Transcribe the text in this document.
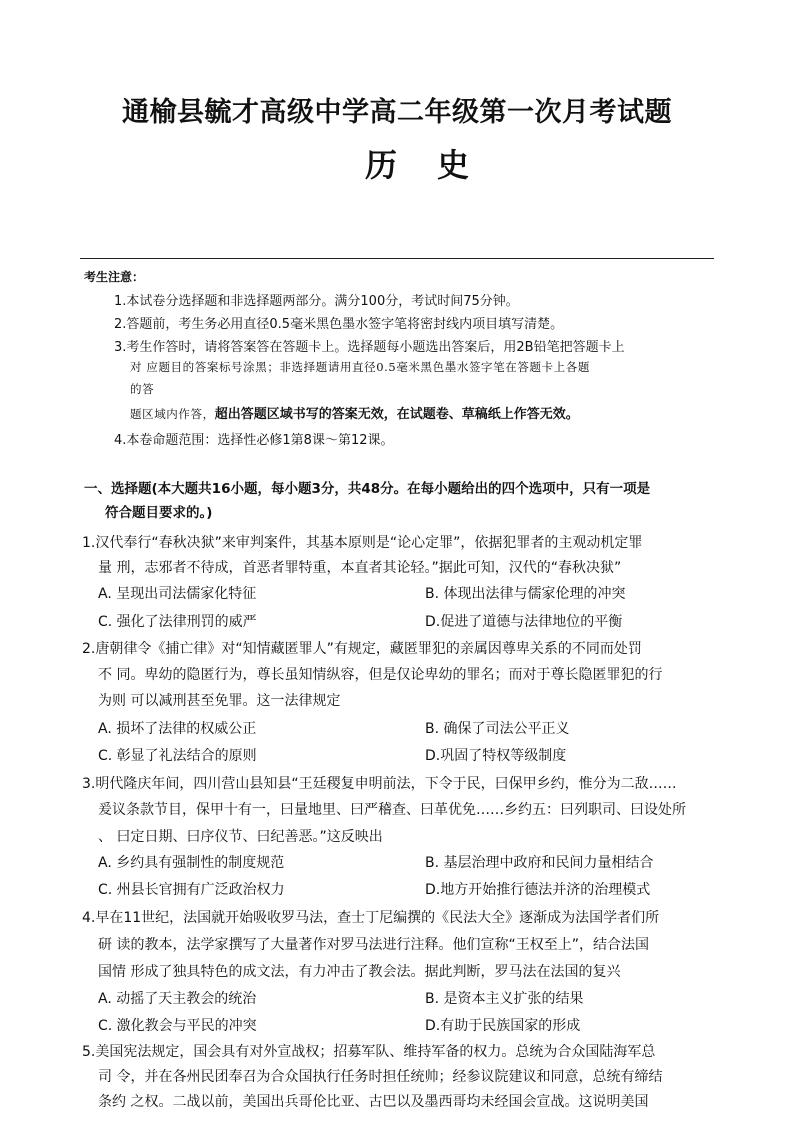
通榆县毓才高级中学高二年级第一次月考试题
历史
考生注意：
1.本试卷分选择题和非选择题两部分。满分100分，考试时间75分钟。
2.答题前，考生务必用直径0.5毫米黑色墨水签字笔将密封线内项目填写清楚。
3.考生作答时，请将答案答在答题卡上。选择题每小题选出答案后，用2B铅笔把答题卡上
对 应题目的答案标号涂黑；非选择题请用直径0.5毫米黑色墨水签字笔在答题卡上各题
的答
题区域内作答，超出答题区域书写的答案无效，在试题卷、草稿纸上作答无效。
4.本卷命题范围：选择性必修1第8课～第12课。
一、选择题(本大题共16小题，每小题3分，共48分。在每小题给出的四个选项中，只有一项是
符合题目要求的。)
1.汉代奉行“春秋决狱”来审判案件，其基本原则是“论心定罪”，依据犯罪者的主观动机定罪
量 刑，志邪者不待成，首恶者罪特重，本直者其论轻。”据此可知，汉代的“春秋决狱”
A. 呈现出司法儒家化特征	B. 体现出法律与儒家伦理的冲突
C. 强化了法律刑罚的威严	D.促进了道德与法律地位的平衡
2.唐朝律令《捕亡律》对“知情藏匿罪人”有规定，藏匿罪犯的亲属因尊卑关系的不同而处罚
不 同。卑幼的隐匿行为，尊长虽知情纵容，但是仅论卑幼的罪名；而对于尊长隐匿罪犯的行
为则 可以减刑甚至免罪。这一法律规定
A. 损坏了法律的权威公正	B. 确保了司法公平正义
C. 彰显了礼法结合的原则	D.巩固了特权等级制度
3.明代隆庆年间，四川营山县知县“王廷稷复申明前法，下令于民，曰保甲乡约，惟分为二敌……
爰议条款节目，保甲十有一，曰量地里、曰严稽查、曰革优免……乡约五：曰列职司、曰设处所
、 曰定日期、曰序仪节、曰纪善恶。”这反映出
A. 乡约具有强制性的制度规范	B. 基层治理中政府和民间力量相结合
C. 州县长官拥有广泛政治权力	D.地方开始推行德法并济的治理模式
4.早在11世纪，法国就开始吸收罗马法，查士丁尼编撰的《民法大全》逐渐成为法国学者们所
研 读的教本，法学家撰写了大量著作对罗马法进行注释。他们宣称“王权至上”，结合法国
国情 形成了独具特色的成文法，有力冲击了教会法。据此判断，罗马法在法国的复兴
A. 动摇了天主教会的统治	B. 是资本主义扩张的结果
C. 激化教会与平民的冲突	D.有助于民族国家的形成
5.美国宪法规定，国会具有对外宣战权；招募军队、维持军备的权力。总统为合众国陆海军总
司 令，并在各州民团奉召为合众国执行任务时担任统帅；经参议院建议和同意，总统有缔结
条约 之权。二战以前，美国出兵哥伦比亚、古巴以及墨西哥均未经国会宣战。这说明美国
